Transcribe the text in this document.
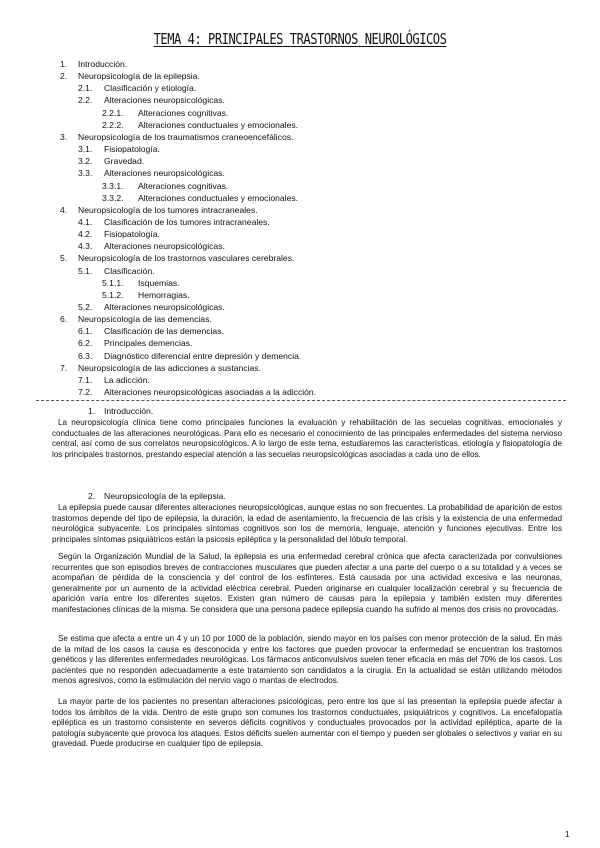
TEMA 4: PRINCIPALES TRASTORNOS NEUROLÓGICOS
1. Introducción.
2. Neuropsicología de la epilepsia.
2.1. Clasificación y etiología.
2.2. Alteraciones neuropsicológicas.
2.2.1. Alteraciones cognitivas.
2.2.2. Alteraciones conductuales y emocionales.
3. Neuropsicología de los traumatismos craneoencefálicos.
3.1. Fisiopatología.
3.2. Gravedad.
3.3. Alteraciones neuropsicológicas.
3.3.1. Alteraciones cognitivas.
3.3.2. Alteraciones conductuales y emocionales.
4. Neuropsicología de los tumores intracraneales.
4.1. Clasificación de los tumores intracraneales.
4.2. Fisiopatología.
4.3. Alteraciones neuropsicológicas.
5. Neuropsicología de los trastornos vasculares cerebrales.
5.1. Clasificación.
5.1.1. Isquemias.
5.1.2. Hemorragias.
5.2. Alteraciones neuropsicológicas.
6. Neuropsicología de las demencias.
6.1. Clasificación de las demencias.
6.2. Principales demencias.
6.3. Diagnóstico diferencial entre depresión y demencia.
7. Neuropsicología de las adicciones a sustancias.
7.1. La adicción.
7.2. Alteraciones neuropsicológicas asociadas a la adicción.
1. Introducción.

La neuropsicología clínica tiene como principales funciones la evaluación y rehabilitación de las secuelas cognitivas, emocionales y conductuales de las alteraciones neurológicas. Para ello es necesario el conocimiento de las principales enfermedades del sistema nervioso central, así como de sus correlatos neuropsicológicos. A lo largo de este tema, estudiaremos las características, etiología y fisiopatología de los principales trastornos, prestando especial atención a las secuelas neuropsicológicas asociadas a cada uno de ellos.

2. Neuropsicología de la epilepsia.

La epilepsia puede causar diferentes alteraciones neuropsicológicas, aunque estas no son frecuentes. La probabilidad de aparición de estos trastornos depende del tipo de epilepsia, la duración, la edad de asentamiento, la frecuencia de las crisis y la existencia de una enfermedad neurológica subyacente. Los principales síntomas cognitivos son los de memoria, lenguaje, atención y funciones ejecutivas. Entre los principales síntomas psiquiátricos están la psicosis epiléptica y la personalidad del lóbulo temporal.

Según la Organización Mundial de la Salud, la epilepsia es una enfermedad cerebral crónica que afecta caracterizada por convulsiones recurrentes que son episodios breves de contracciones musculares que pueden afectar a una parte del cuerpo o a su totalidad y a veces se acompañan de pérdida de la consciencia y del control de los esfínteres. Está causada por una actividad excesiva e las neuronas, generalmente por un aumento de la actividad eléctrica cerebral. Pueden originarse en cualquier localización cerebral y su frecuencia de aparición varía entre los diferentes sujetos. Existen gran número de causas para la epilepsia y también existen muy diferentes manifestaciones clínicas de la misma. Se considera que una persona padece epilepsia cuando ha sufrido al menos dos crisis no provocadas.

Se estima que afecta a entre un 4 y un 10 por 1000 de la población, siendo mayor en los países con menor protección de la salud. En más de la mitad de los casos la causa es desconocida y entre los factores que pueden provocar la enfermedad se encuentran los trastornos genéticos y las diferentes enfermedades neurológicas. Los fármacos anticonvulsivos suelen tener eficacia en más del 70% de los casos. Los pacientes que no responden adecuadamente a este tratamiento son candidatos a la cirugía. En la actualidad se están utilizando métodos menos agresivos, como la estimulación del nervio vago o mantas de electrodos.

La mayor parte de los pacientes no presentan alteraciones psicológicas, pero entre los que sí las presentan la epilepsia puede afectar a todos los ámbitos de la vida. Dentro de este grupo son comunes los trastornos conductuales, psiquiátricos y cognitivos. La encefalopatía epiléptica es un trastorno consistente en severos déficits cognitivos y conductuales provocados por la actividad epiléptica, aparte de la patología subyacente que provoca los ataques. Estos déficits suelen aumentar con el tiempo y pueden ser globales o selectivos y variar en su gravedad. Puede producirse en cualquier tipo de epilepsia.

1
